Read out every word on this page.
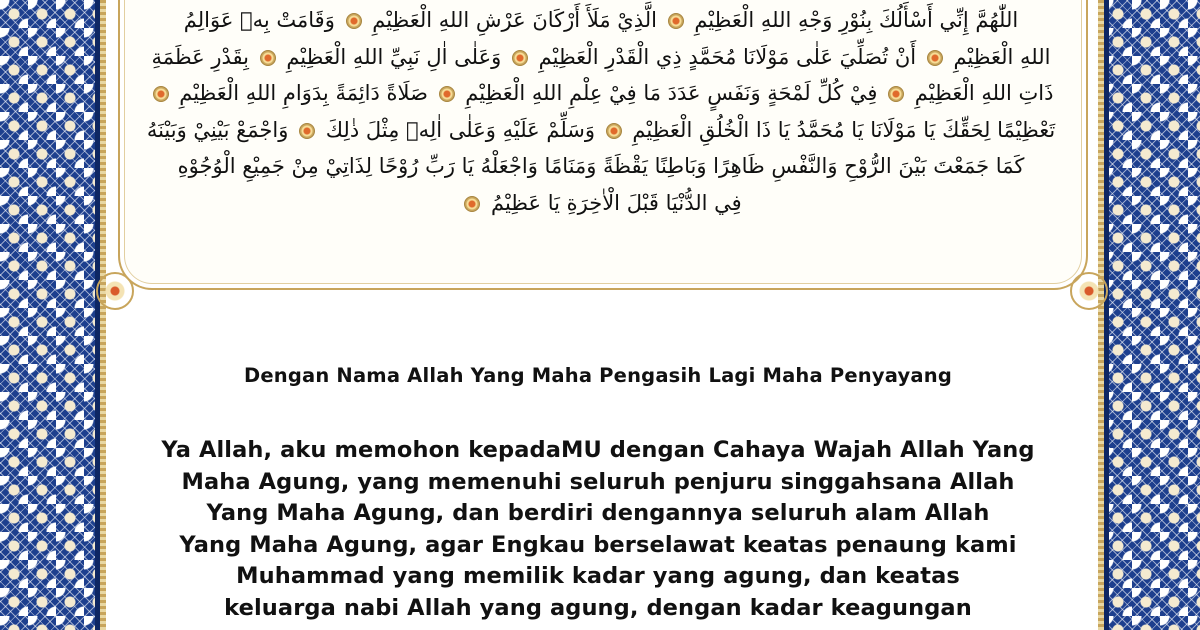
اللّٰهُمَّ إِنِّي أَسْأَلُكَ بِنُوْرِ وَجْهِ اللهِ الْعَظِيْمِ  الَّذِيْ مَلَأَ أَرْكَانَ عَرْشِ اللهِ الْعَظِيْمِ  وَقَامَتْ بِهٖ عَوَالِمُ
اللهِ الْعَظِيْمِ  أَنْ تُصَلِّيَ عَلٰى مَوْلَانَا مُحَمَّدٍ ذِي الْقَدْرِ الْعَظِيْمِ  وَعَلٰى اٰلِ نَبِيِّ اللهِ الْعَظِيْمِ  بِقَدْرِ عَظَمَةِ
ذَاتِ اللهِ الْعَظِيْمِ  فِيْ كُلِّ لَمْحَةٍ وَنَفَسٍ عَدَدَ مَا فِيْ عِلْمِ اللهِ الْعَظِيْمِ  صَلَاةً دَائِمَةً بِدَوَامِ اللهِ الْعَظِيْمِ
تَعْظِيْمًا لِحَقِّكَ يَا مَوْلَانَا يَا مُحَمَّدُ يَا ذَا الْخُلُقِ الْعَظِيْمِ  وَسَلِّمْ عَلَيْهِ وَعَلٰى اٰلِهٖ مِثْلَ ذٰلِكَ  وَاجْمَعْ بَيْنِيْ وَبَيْنَهُ
كَمَا جَمَعْتَ بَيْنَ الرُّوْحِ وَالنَّفْسِ ظَاهِرًا وَبَاطِنًا يَقْظَةً وَمَنَامًا وَاجْعَلْهُ يَا رَبِّ رُوْحًا لِذَاتِيْ مِنْ جَمِيْعِ الْوُجُوْهِ
فِي الدُّنْيَا قَبْلَ الْاٰخِرَةِ يَا عَظِيْمُ
Dengan Nama Allah Yang Maha Pengasih Lagi Maha Penyayang
Ya Allah, aku memohon kepadaMU dengan Cahaya Wajah Allah Yang
Maha Agung, yang memenuhi seluruh penjuru singgahsana Allah
Yang Maha Agung, dan berdiri dengannya seluruh alam Allah
Yang Maha Agung, agar Engkau berselawat keatas penaung kami
Muhammad yang memilik kadar yang agung, dan keatas
keluarga nabi Allah yang agung, dengan kadar keagungan
